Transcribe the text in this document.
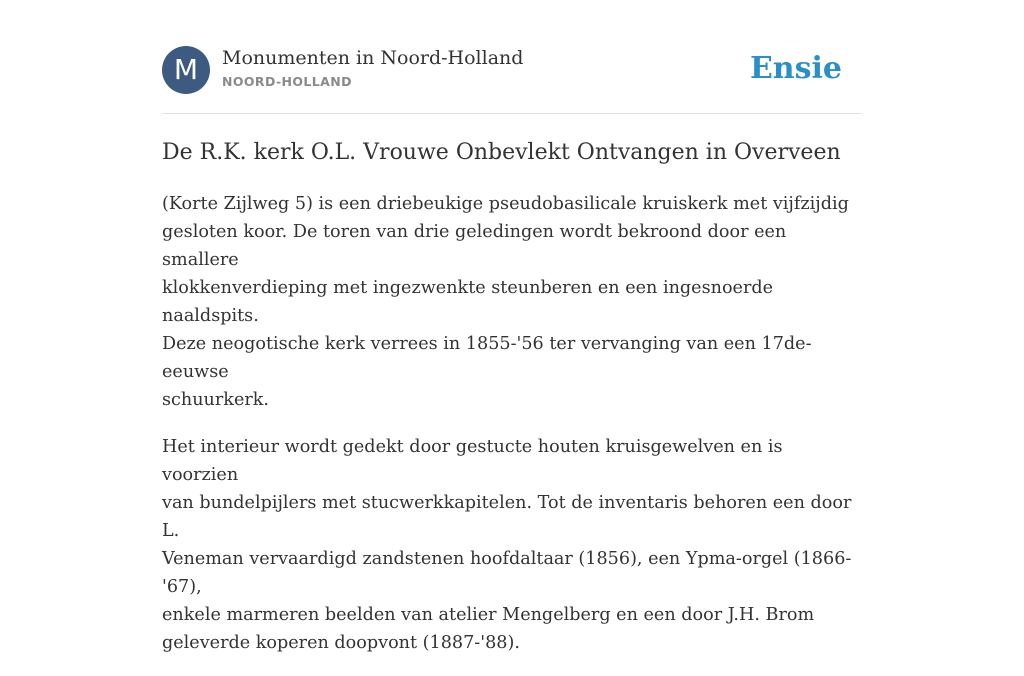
M	Monumenten in Noord-Holland
NOORD-HOLLAND	Ensie
De R.K. kerk O.L. Vrouwe Onbevlekt Ontvangen in Overveen

(Korte Zijlweg 5) is een driebeukige pseudobasilicale kruiskerk met vijfzijdig
gesloten koor. De toren van drie geledingen wordt bekroond door een smallere
klokkenverdieping met ingezwenkte steunberen en een ingesnoerde naaldspits.
Deze neogotische kerk verrees in 1855-'56 ter vervanging van een 17de-eeuwse
schuurkerk.

Het interieur wordt gedekt door gestucte houten kruisgewelven en is voorzien
van bundelpijlers met stucwerkkapitelen. Tot de inventaris behoren een door L.
Veneman vervaardigd zandstenen hoofdaltaar (1856), een Ypma-orgel (1866-'67),
enkele marmeren beelden van atelier Mengelberg en een door J.H. Brom
geleverde koperen doopvont (1887-'88).
